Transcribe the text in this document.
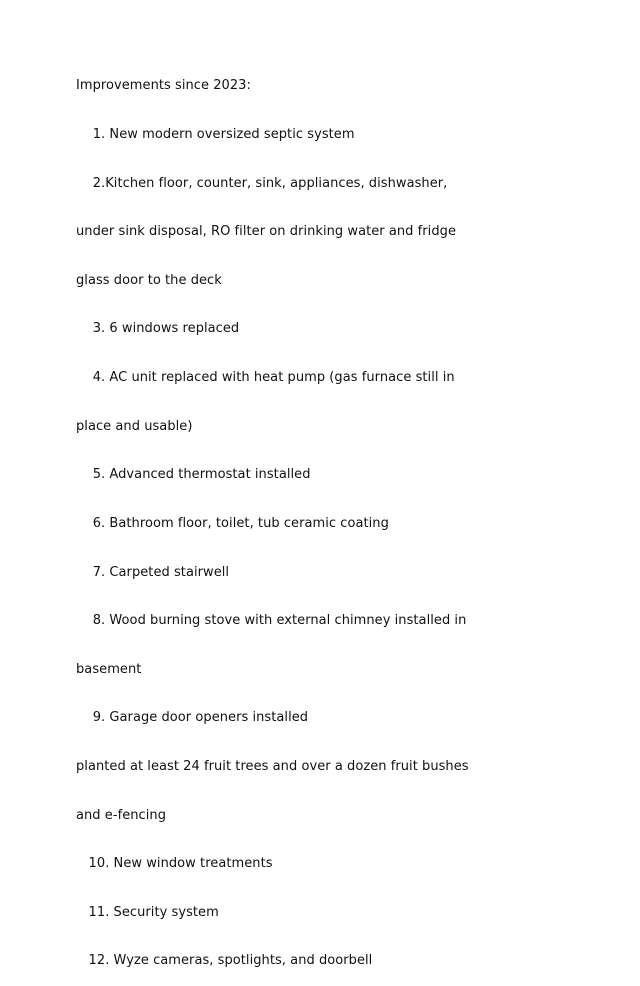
Improvements since 2023:

1. New modern oversized septic system

2.Kitchen floor, counter, sink, appliances, dishwasher,

under sink disposal, RO filter on drinking water and fridge

glass door to the deck

3. 6 windows replaced

4. AC unit replaced with heat pump (gas furnace still in

place and usable)

5. Advanced thermostat installed

6. Bathroom floor, toilet, tub ceramic coating

7. Carpeted stairwell

8. Wood burning stove with external chimney installed in

basement

9. Garage door openers installed

planted at least 24 fruit trees and over a dozen fruit bushes

and e-fencing

10. New window treatments

11. Security system

12. Wyze cameras, spotlights, and doorbell
